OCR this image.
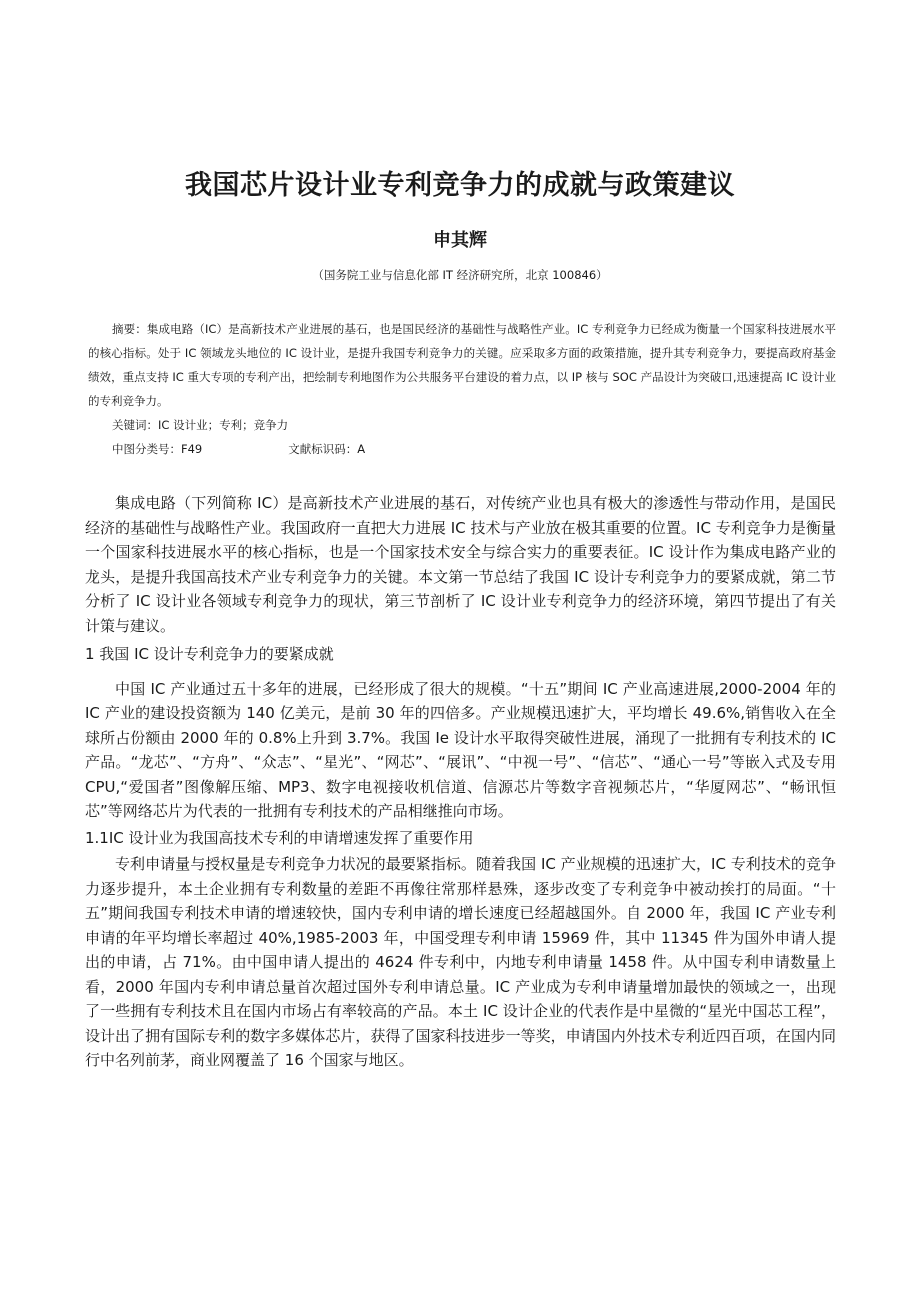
我国芯片设计业专利竞争力的成就与政策建议
申其辉
（国务院工业与信息化部 IT 经济研究所，北京 100846）

摘要：集成电路（IC）是高新技术产业进展的基石，也是国民经济的基础性与战略性产业。IC 专利竞争力已经成为衡量一个国家科技进展水平的核心指标。处于 IC 领域龙头地位的 IC 设计业，是提升我国专利竞争力的关键。应采取多方面的政策措施，提升其专利竞争力，要提高政府基金绩效，重点支持 IC 重大专项的专利产出，把绘制专利地图作为公共服务平台建设的着力点，以 IP 核与 SOC 产品设计为突破口,迅速提高 IC 设计业的专利竞争力。

关键词：IC 设计业；专利；竞争力
中图分类号：F49	文献标识码：A

集成电路（下列简称 IC）是高新技术产业进展的基石，对传统产业也具有极大的渗透性与带动作用，是国民经济的基础性与战略性产业。我国政府一直把大力进展 IC 技术与产业放在极其重要的位置。IC 专利竞争力是衡量一个国家科技进展水平的核心指标，也是一个国家技术安全与综合实力的重要表征。IC 设计作为集成电路产业的龙头，是提升我国高技术产业专利竞争力的关键。本文第一节总结了我国 IC 设计专利竞争力的要紧成就，第二节分析了 IC 设计业各领域专利竞争力的现状，第三节剖析了 IC 设计业专利竞争力的经济环境，第四节提出了有关计策与建议。

1 我国 IC 设计专利竞争力的要紧成就

中国 IC 产业通过五十多年的进展，已经形成了很大的规模。“十五”期间 IC 产业高速进展,2000-2004 年的 IC 产业的建设投资额为 140 亿美元，是前 30 年的四倍多。产业规模迅速扩大，平均增长 49.6%,销售收入在全球所占份额由 2000 年的 0.8%上升到 3.7%。我国 Ie 设计水平取得突破性进展，涌现了一批拥有专利技术的 IC 产品。“龙芯”、“方舟”、“众志”、“星光”、“网芯”、“展讯”、“中视一号”、“信芯”、“通心一号”等嵌入式及专用 CPU,“爱国者”图像解压缩、MP3、数字电视接收机信道、信源芯片等数字音视频芯片，“华厦网芯”、“畅讯恒芯”等网络芯片为代表的一批拥有专利技术的产品相继推向市场。

1.1IC 设计业为我国高技术专利的申请增速发挥了重要作用

专利申请量与授权量是专利竞争力状况的最要紧指标。随着我国 IC 产业规模的迅速扩大，IC 专利技术的竞争力逐步提升，本土企业拥有专利数量的差距不再像往常那样悬殊，逐步改变了专利竞争中被动挨打的局面。“十五”期间我国专利技术申请的增速较快，国内专利申请的增长速度已经超越国外。自 2000 年，我国 IC 产业专利申请的年平均增长率超过 40%,1985-2003 年，中国受理专利申请 15969 件，其中 11345 件为国外申请人提出的申请，占 71%。由中国申请人提出的 4624 件专利中，内地专利申请量 1458 件。从中国专利申请数量上看，2000 年国内专利申请总量首次超过国外专利申请总量。IC 产业成为专利申请量增加最快的领域之一，出现了一些拥有专利技术且在国内市场占有率较高的产品。本土 IC 设计企业的代表作是中星微的“星光中国芯工程”，设计出了拥有国际专利的数字多媒体芯片，获得了国家科技进步一等奖，申请国内外技术专利近四百项，在国内同行中名列前茅，商业网覆盖了 16 个国家与地区。
